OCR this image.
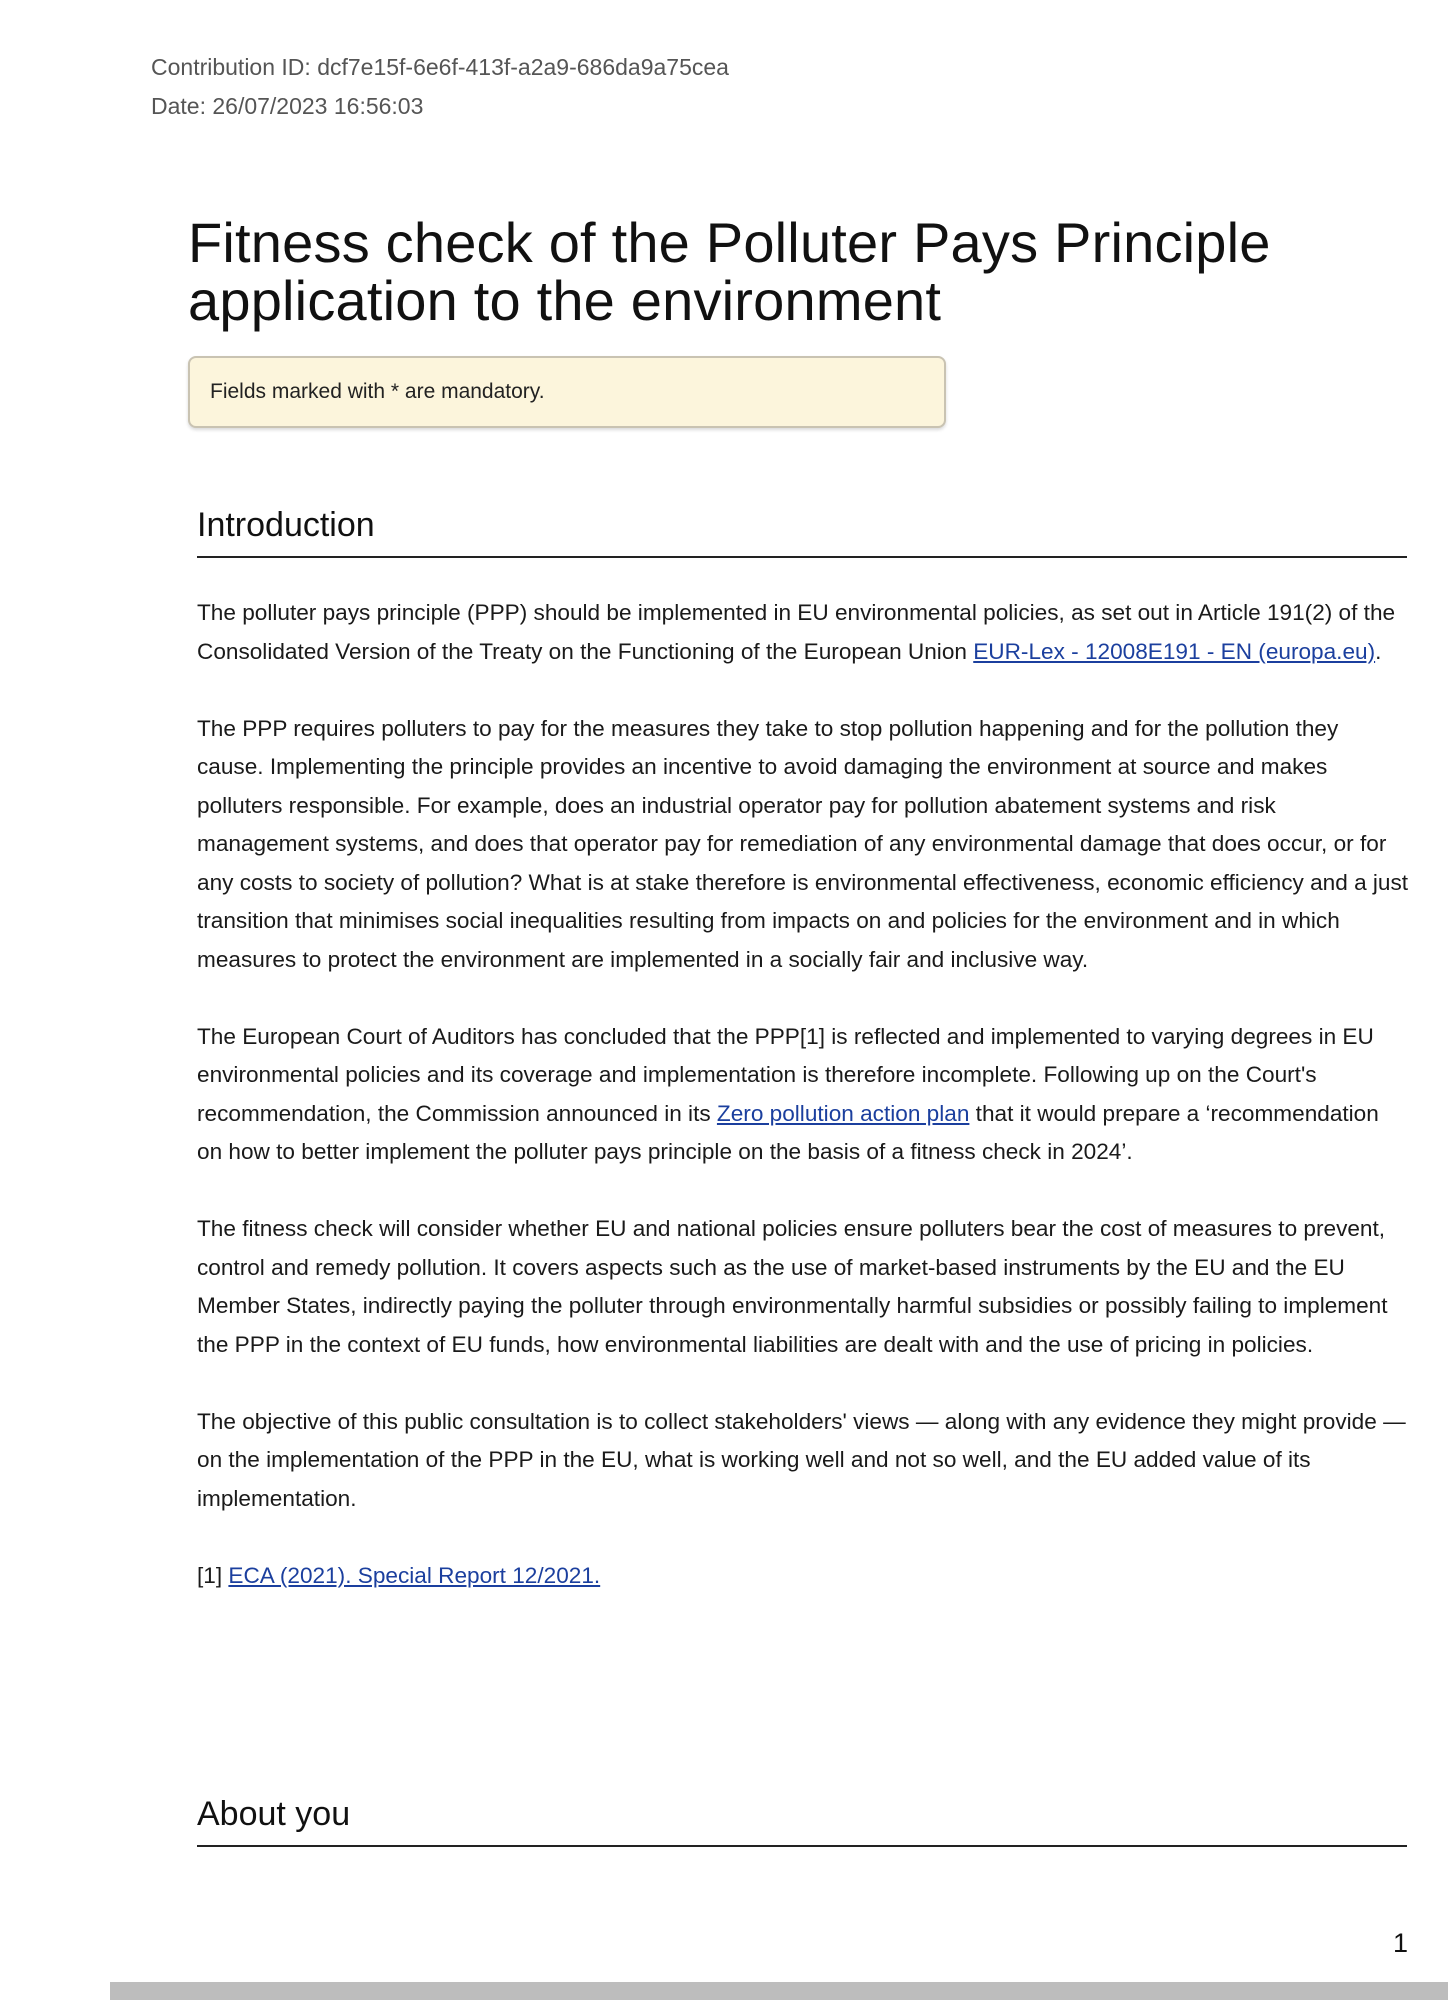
Contribution ID: dcf7e15f-6e6f-413f-a2a9-686da9a75cea
Date: 26/07/2023 16:56:03
Fitness check of the Polluter Pays Principle application to the environment
Fields marked with * are mandatory.
Introduction

The polluter pays principle (PPP) should be implemented in EU environmental policies, as set out in Article 191(2) of the Consolidated Version of the Treaty on the Functioning of the European Union EUR-Lex - 12008E191 - EN (europa.eu).

The PPP requires polluters to pay for the measures they take to stop pollution happening and for the pollution they cause. Implementing the principle provides an incentive to avoid damaging the environment at source and makes polluters responsible. For example, does an industrial operator pay for pollution abatement systems and risk management systems, and does that operator pay for remediation of any environmental damage that does occur, or for any costs to society of pollution? What is at stake therefore is environmental effectiveness, economic efficiency and a just transition that minimises social inequalities resulting from impacts on and policies for the environment and in which measures to protect the environment are implemented in a socially fair and inclusive way.

The European Court of Auditors has concluded that the PPP[1] is reflected and implemented to varying degrees in EU environmental policies and its coverage and implementation is therefore incomplete. Following up on the Court's recommendation, the Commission announced in its Zero pollution action plan that it would prepare a ‘recommendation on how to better implement the polluter pays principle on the basis of a fitness check in 2024’.

The fitness check will consider whether EU and national policies ensure polluters bear the cost of measures to prevent, control and remedy pollution. It covers aspects such as the use of market-based instruments by the EU and the EU Member States, indirectly paying the polluter through environmentally harmful subsidies or possibly failing to implement the PPP in the context of EU funds, how environmental liabilities are dealt with and the use of pricing in policies.

The objective of this public consultation is to collect stakeholders' views — along with any evidence they might provide — on the implementation of the PPP in the EU, what is working well and not so well, and the EU added value of its implementation.

[1] ECA (2021). Special Report 12/2021.

About you
1
